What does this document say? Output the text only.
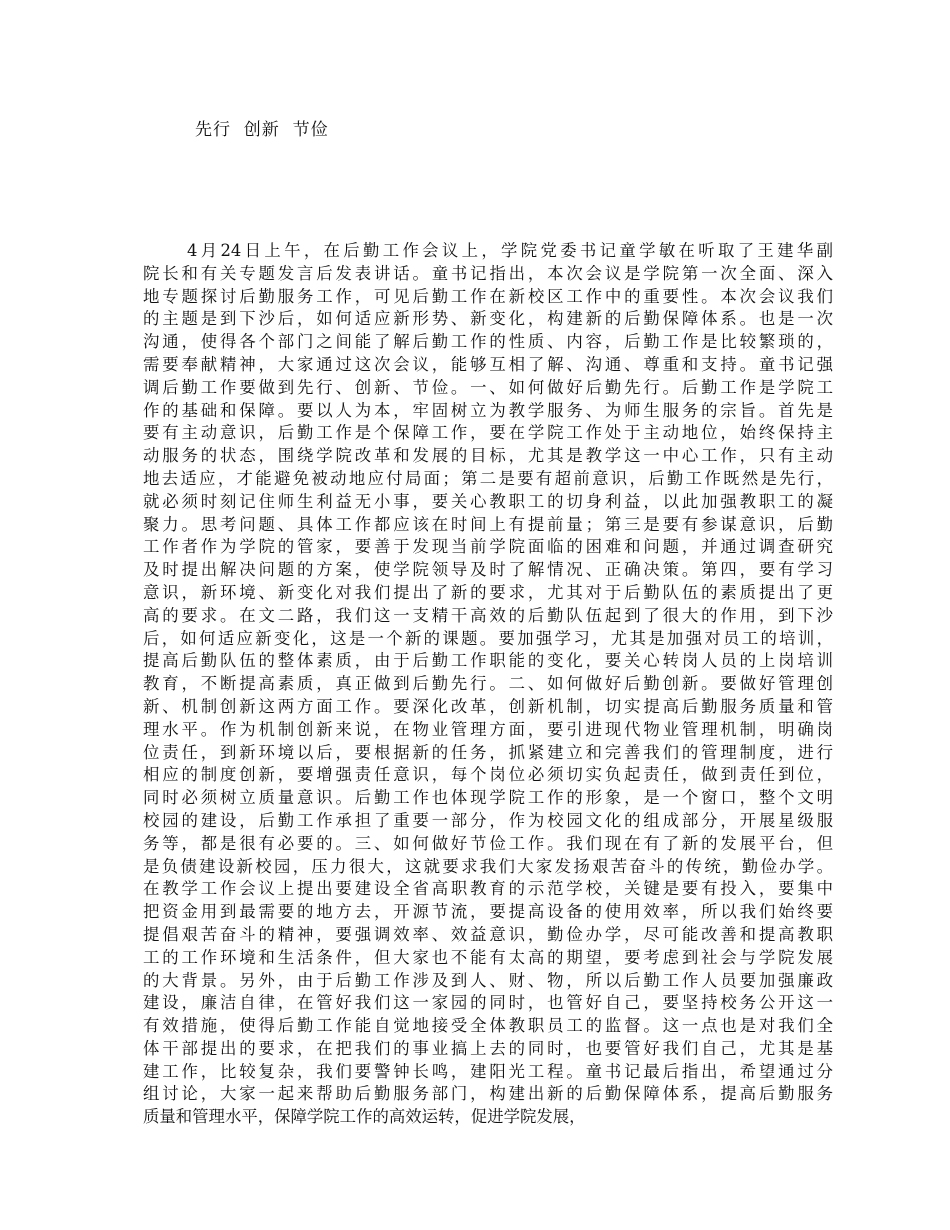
先行  创新  节俭
4月24日上午，在后勤工作会议上，学院党委书记童学敏在听取了王建华副
院长和有关专题发言后发表讲话。童书记指出，本次会议是学院第一次全面、深入
地专题探讨后勤服务工作，可见后勤工作在新校区工作中的重要性。本次会议我们
的主题是到下沙后，如何适应新形势、新变化，构建新的后勤保障体系。也是一次
沟通，使得各个部门之间能了解后勤工作的性质、内容，后勤工作是比较繁琐的，
需要奉献精神，大家通过这次会议，能够互相了解、沟通、尊重和支持。童书记强
调后勤工作要做到先行、创新、节俭。一、如何做好后勤先行。后勤工作是学院工
作的基础和保障。要以人为本，牢固树立为教学服务、为师生服务的宗旨。首先是
要有主动意识，后勤工作是个保障工作，要在学院工作处于主动地位，始终保持主
动服务的状态，围绕学院改革和发展的目标，尤其是教学这一中心工作，只有主动
地去适应，才能避免被动地应付局面；第二是要有超前意识，后勤工作既然是先行，
就必须时刻记住师生利益无小事，要关心教职工的切身利益，以此加强教职工的凝
聚力。思考问题、具体工作都应该在时间上有提前量；第三是要有参谋意识，后勤
工作者作为学院的管家，要善于发现当前学院面临的困难和问题，并通过调查研究
及时提出解决问题的方案，使学院领导及时了解情况、正确决策。第四，要有学习
意识，新环境、新变化对我们提出了新的要求，尤其对于后勤队伍的素质提出了更
高的要求。在文二路，我们这一支精干高效的后勤队伍起到了很大的作用，到下沙
后，如何适应新变化，这是一个新的课题。要加强学习，尤其是加强对员工的培训，
提高后勤队伍的整体素质，由于后勤工作职能的变化，要关心转岗人员的上岗培训
教育，不断提高素质，真正做到后勤先行。二、如何做好后勤创新。要做好管理创
新、机制创新这两方面工作。要深化改革，创新机制，切实提高后勤服务质量和管
理水平。作为机制创新来说，在物业管理方面，要引进现代物业管理机制，明确岗
位责任，到新环境以后，要根据新的任务，抓紧建立和完善我们的管理制度，进行
相应的制度创新，要增强责任意识，每个岗位必须切实负起责任，做到责任到位，
同时必须树立质量意识。后勤工作也体现学院工作的形象，是一个窗口，整个文明
校园的建设，后勤工作承担了重要一部分，作为校园文化的组成部分，开展星级服
务等，都是很有必要的。三、如何做好节俭工作。我们现在有了新的发展平台，但
是负债建设新校园，压力很大，这就要求我们大家发扬艰苦奋斗的传统，勤俭办学。
在教学工作会议上提出要建设全省高职教育的示范学校，关键是要有投入，要集中
把资金用到最需要的地方去，开源节流，要提高设备的使用效率，所以我们始终要
提倡艰苦奋斗的精神，要强调效率、效益意识，勤俭办学，尽可能改善和提高教职
工的工作环境和生活条件，但大家也不能有太高的期望，要考虑到社会与学院发展
的大背景。另外，由于后勤工作涉及到人、财、物，所以后勤工作人员要加强廉政
建设，廉洁自律，在管好我们这一家园的同时，也管好自己，要坚持校务公开这一
有效措施，使得后勤工作能自觉地接受全体教职员工的监督。这一点也是对我们全
体干部提出的要求，在把我们的事业搞上去的同时，也要管好我们自己，尤其是基
建工作，比较复杂，我们要警钟长鸣，建阳光工程。童书记最后指出，希望通过分
组讨论，大家一起来帮助后勤服务部门，构建出新的后勤保障体系，提高后勤服务
质量和管理水平，保障学院工作的高效运转，促进学院发展，
